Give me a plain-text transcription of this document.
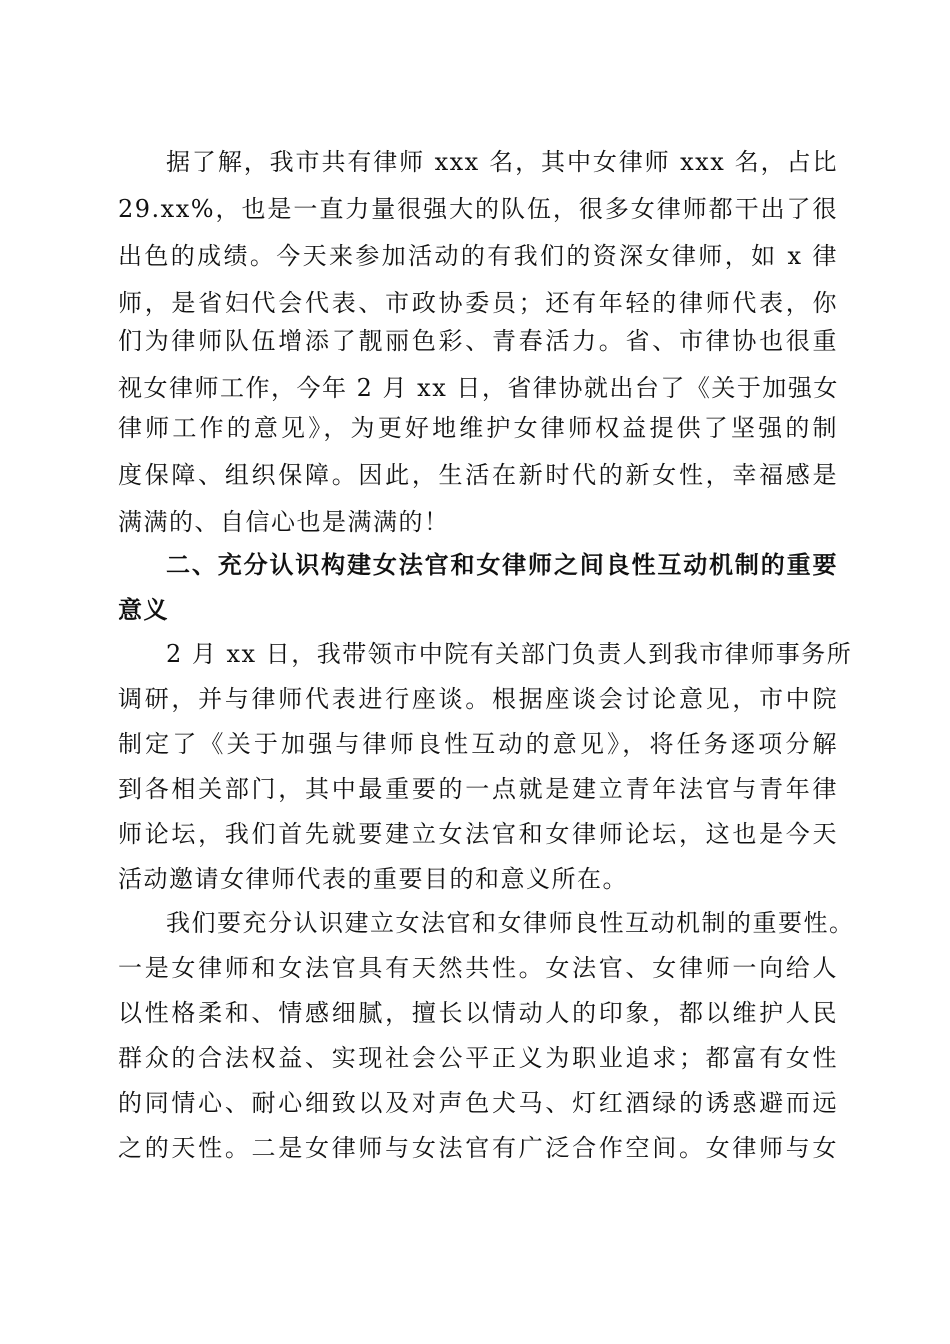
据了解，我市共有律师 xxx 名，其中女律师 xxx 名，占比
29.xx%，也是一直力量很强大的队伍，很多女律师都干出了很
出色的成绩。今天来参加活动的有我们的资深女律师，如 x 律
师，是省妇代会代表、市政协委员；还有年轻的律师代表，你
们为律师队伍增添了靓丽色彩、青春活力。省、市律协也很重
视女律师工作，今年 2 月 xx 日，省律协就出台了《关于加强女
律师工作的意见》，为更好地维护女律师权益提供了坚强的制
度保障、组织保障。因此，生活在新时代的新女性，幸福感是
满满的、自信心也是满满的！
二、充分认识构建女法官和女律师之间良性互动机制的重要
意义
2 月 xx 日，我带领市中院有关部门负责人到我市律师事务所
调研，并与律师代表进行座谈。根据座谈会讨论意见，市中院
制定了《关于加强与律师良性互动的意见》，将任务逐项分解
到各相关部门，其中最重要的一点就是建立青年法官与青年律
师论坛，我们首先就要建立女法官和女律师论坛，这也是今天
活动邀请女律师代表的重要目的和意义所在。
我们要充分认识建立女法官和女律师良性互动机制的重要性。
一是女律师和女法官具有天然共性。女法官、女律师一向给人
以性格柔和、情感细腻，擅长以情动人的印象，都以维护人民
群众的合法权益、实现社会公平正义为职业追求；都富有女性
的同情心、耐心细致以及对声色犬马、灯红酒绿的诱惑避而远
之的天性。二是女律师与女法官有广泛合作空间。女律师与女
